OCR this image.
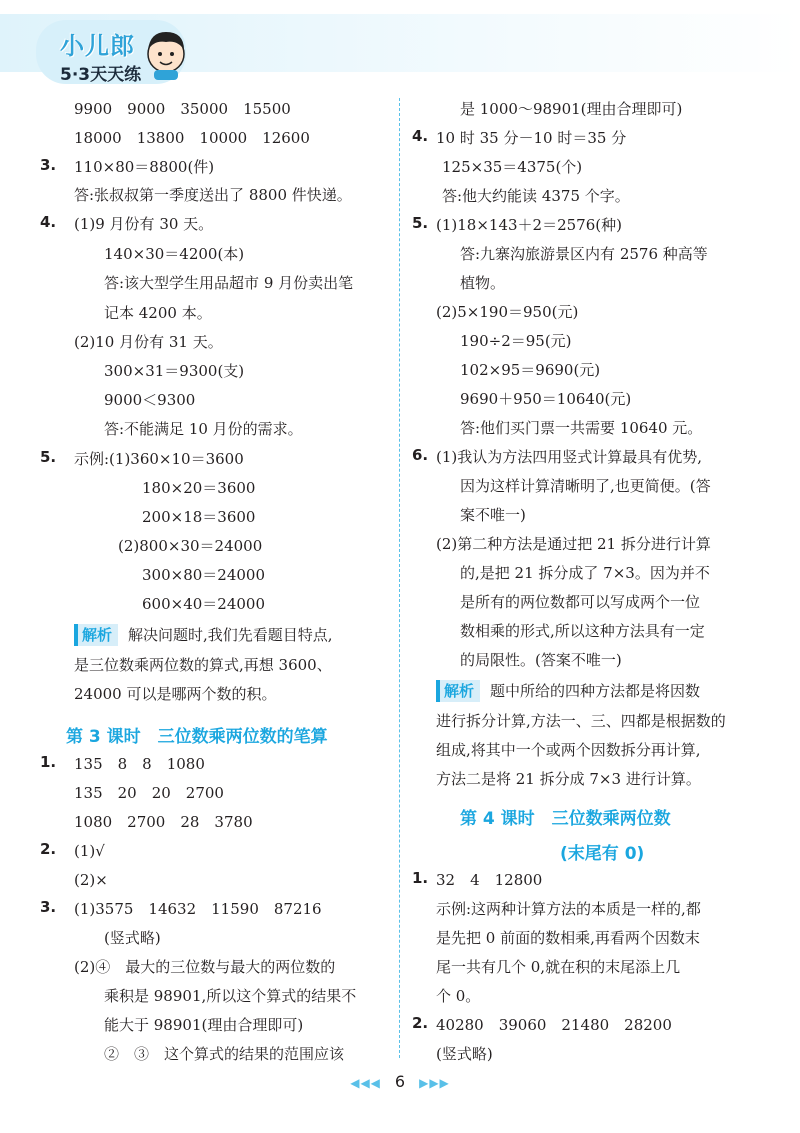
小儿郎
5·3天天练
9900　9000　35000　15500
18000　13800　10000　12600
3. 110×80＝8800(件)
答:张叔叔第一季度送出了 8800 件快递。
4. (1)9 月份有 30 天。
140×30＝4200(本)
答:该大型学生用品超市 9 月份卖出笔
记本 4200 本。
(2)10 月份有 31 天。
300×31＝9300(支)
9000＜9300
答:不能满足 10 月份的需求。
5. 示例:(1)360×10＝3600
180×20＝3600
200×18＝3600
(2)800×30＝24000
300×80＝24000
600×40＝24000
解析 解决问题时,我们先看题目特点,
是三位数乘两位数的算式,再想 3600、
24000 可以是哪两个数的积。
第 3 课时　三位数乘两位数的笔算
1. 135　8　8　1080
135　20　20　2700
1080　2700　28　3780
2. (1)√
(2)×
3. (1)3575　14632　11590　87216
(竖式略)
(2)④　最大的三位数与最大的两位数的
乘积是 98901,所以这个算式的结果不
能大于 98901(理由合理即可)
②　③　这个算式的结果的范围应该
是 1000～98901(理由合理即可)
4. 10 时 35 分－10 时＝35 分
125×35＝4375(个)
答:他大约能读 4375 个字。
5. (1)18×143＋2＝2576(种)
答:九寨沟旅游景区内有 2576 种高等
植物。
(2)5×190＝950(元)
190÷2＝95(元)
102×95＝9690(元)
9690＋950＝10640(元)
答:他们买门票一共需要 10640 元。
6. (1)我认为方法四用竖式计算最具有优势,
因为这样计算清晰明了,也更简便。(答
案不唯一)
(2)第二种方法是通过把 21 拆分进行计算
的,是把 21 拆分成了 7×3。因为并不
是所有的两位数都可以写成两个一位
数相乘的形式,所以这种方法具有一定
的局限性。(答案不唯一)
解析 题中所给的四种方法都是将因数
进行拆分计算,方法一、三、四都是根据数的
组成,将其中一个或两个因数拆分再计算,
方法二是将 21 拆分成 7×3 进行计算。
第 4 课时　三位数乘两位数
(末尾有 0)
1. 32　4　12800
示例:这两种计算方法的本质是一样的,都
是先把 0 前面的数相乘,再看两个因数末
尾一共有几个 0,就在积的末尾添上几
个 0。
2. 40280　39060　21480　28200
(竖式略)
◀◀◀ 6 ▶▶▶
